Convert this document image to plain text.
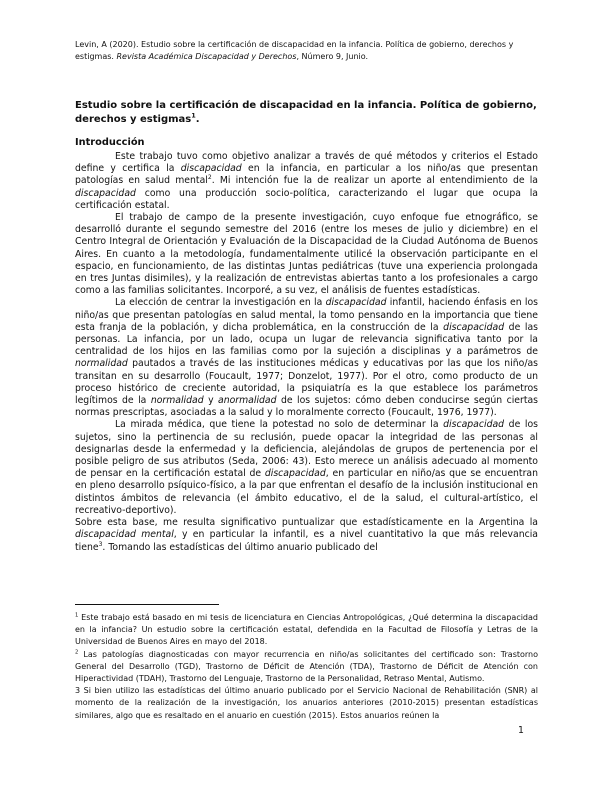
Levin, A (2020). Estudio sobre la certificación de discapacidad en la infancia. Política de gobierno, derechos y estigmas. Revista Académica Discapacidad y Derechos, Número 9, Junio.
Estudio sobre la certificación de discapacidad en la infancia. Política de gobierno, derechos y estigmas$^1$.
Introducción

Este trabajo tuvo como objetivo analizar a través de qué métodos y criterios el Estado define y certifica la discapacidad en la infancia, en particular a los niño/as que presentan patologías en salud mental$^2$. Mi intención fue la de realizar un aporte al entendimiento de la discapacidad como una producción socio-política, caracterizando el lugar que ocupa la certificación estatal.

El trabajo de campo de la presente investigación, cuyo enfoque fue etnográfico, se desarrolló durante el segundo semestre del 2016 (entre los meses de julio y diciembre) en el Centro Integral de Orientación y Evaluación de la Discapacidad de la Ciudad Autónoma de Buenos Aires. En cuanto a la metodología, fundamentalmente utilicé la observación participante en el espacio, en funcionamiento, de las distintas Juntas pediátricas (tuve una experiencia prolongada en tres Juntas disimiles), y la realización de entrevistas abiertas tanto a los profesionales a cargo como a las familias solicitantes. Incorporé, a su vez, el análisis de fuentes estadísticas.

La elección de centrar la investigación en la discapacidad infantil, haciendo énfasis en los niño/as que presentan patologías en salud mental, la tomo pensando en la importancia que tiene esta franja de la población, y dicha problemática, en la construcción de la discapacidad de las personas. La infancia, por un lado, ocupa un lugar de relevancia significativa tanto por la centralidad de los hijos en las familias como por la sujeción a disciplinas y a parámetros de normalidad pautados a través de las instituciones médicas y educativas por las que los niño/as transitan en su desarrollo (Foucault, 1977; Donzelot, 1977). Por el otro, como producto de un proceso histórico de creciente autoridad, la psiquiatría es la que establece los parámetros legítimos de la normalidad y anormalidad de los sujetos: cómo deben conducirse según ciertas normas prescriptas, asociadas a la salud y lo moralmente correcto (Foucault, 1976, 1977).

La mirada médica, que tiene la potestad no solo de determinar la discapacidad de los sujetos, sino la pertinencia de su reclusión, puede opacar la integridad de las personas al designarlas desde la enfermedad y la deficiencia, alejándolas de grupos de pertenencia por el posible peligro de sus atributos (Seda, 2006: 43). Esto merece un análisis adecuado al momento de pensar en la certificación estatal de discapacidad, en particular en niño/as que se encuentran en pleno desarrollo psíquico-físico, a la par que enfrentan el desafío de la inclusión institucional en distintos ámbitos de relevancia (el ámbito educativo, el de la salud, el cultural-artístico, el recreativo-deportivo).

Sobre esta base, me resulta significativo puntualizar que estadísticamente en la Argentina la discapacidad mental, y en particular la infantil, es a nivel cuantitativo la que más relevancia tiene$^3$. Tomando las estadísticas del último anuario publicado del

$^1$ Este trabajo está basado en mi tesis de licenciatura en Ciencias Antropológicas, ¿Qué determina la discapacidad en la infancia? Un estudio sobre la certificación estatal, defendida en la Facultad de Filosofía y Letras de la Universidad de Buenos Aires en mayo del 2018.

$^2$ Las patologías diagnosticadas con mayor recurrencia en niño/as solicitantes del certificado son: Trastorno General del Desarrollo (TGD), Trastorno de Déficit de Atención (TDA), Trastorno de Déficit de Atención con Hiperactividad (TDAH), Trastorno del Lenguaje, Trastorno de la Personalidad, Retraso Mental, Autismo.

3 Si bien utilizo las estadísticas del último anuario publicado por el Servicio Nacional de Rehabilitación (SNR) al momento de la realización de la investigación, los anuarios anteriores (2010-2015) presentan estadísticas similares, algo que es resaltado en el anuario en cuestión (2015). Estos anuarios reúnen la

1
